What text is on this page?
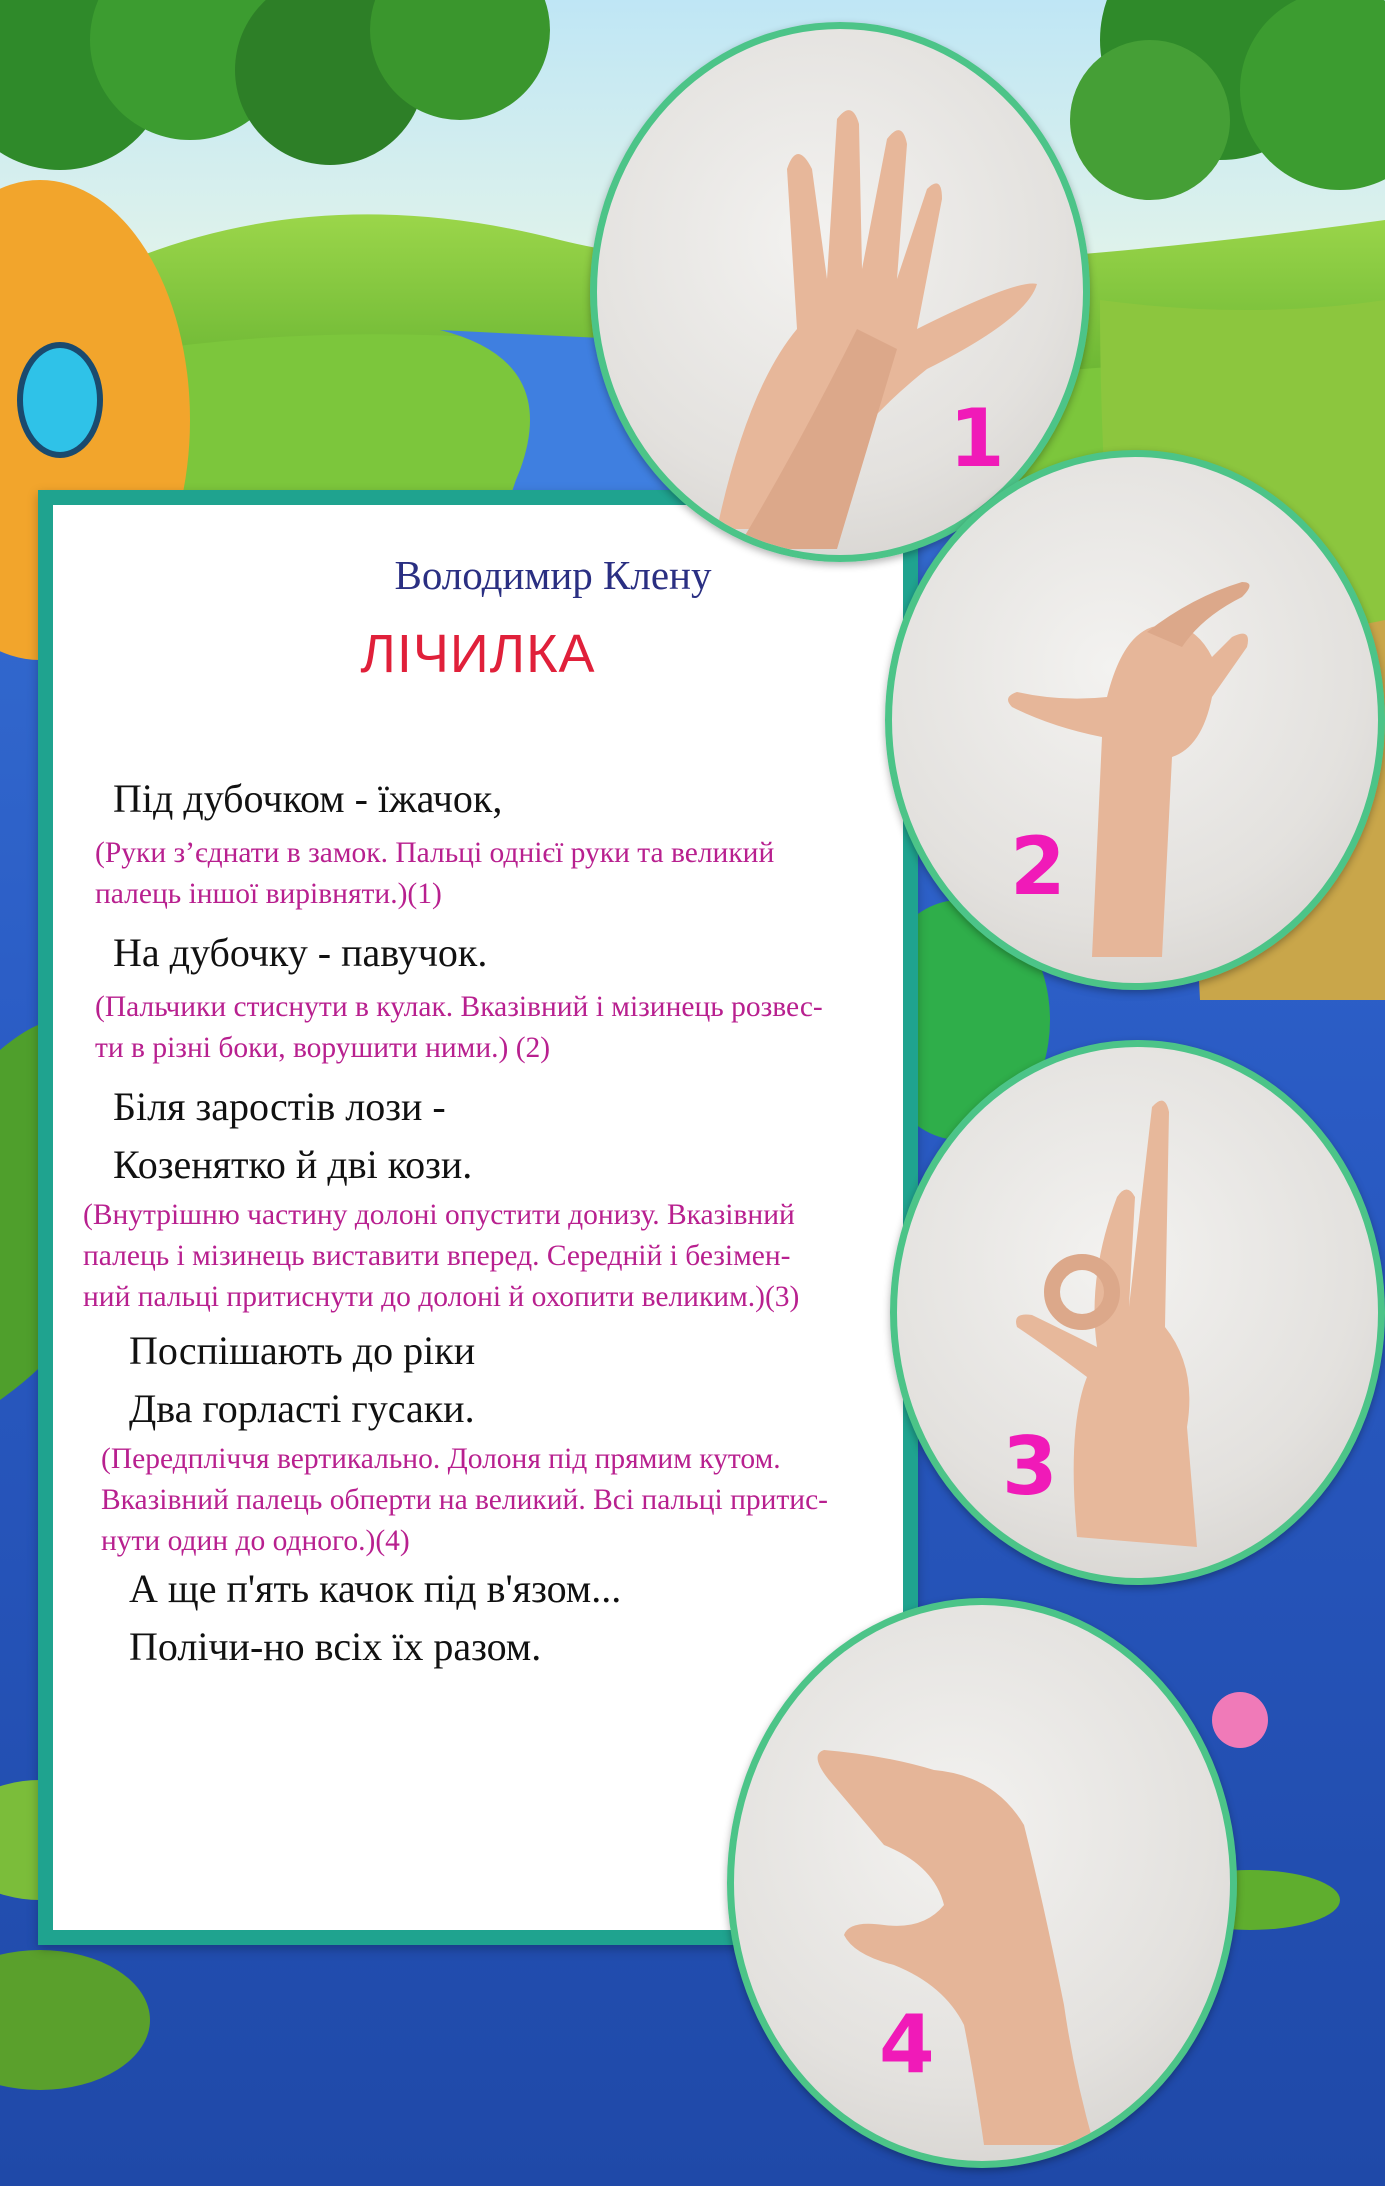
Володимир Клену
ЛІЧИЛКА
Під дубочком - їжачок,
(Руки з’єднати в замок. Пальці однієї руки та великий
палець іншої вирівняти.)(1)
На дубочку - павучок.
(Пальчики стиснути в кулак. Вказівний і мізинець розвес-
ти в різні боки, ворушити ними.) (2)
Біля заростів лози -
Козенятко й дві кози.
(Внутрішню частину долоні опустити донизу. Вказівний
палець і мізинець виставити вперед. Середній і безімен-
ний пальці притиснути до долоні й охопити великим.)(3)
Поспішають до ріки
Два горласті гусаки.
(Передпліччя вертикально. Долоня під прямим кутом.
Вказівний палець обперти на великий. Всі пальці притис-
нути один до одного.)(4)
А ще п'ять качок під в'язом...
Полічи-но всіх їх разом.
1
2
3
4
